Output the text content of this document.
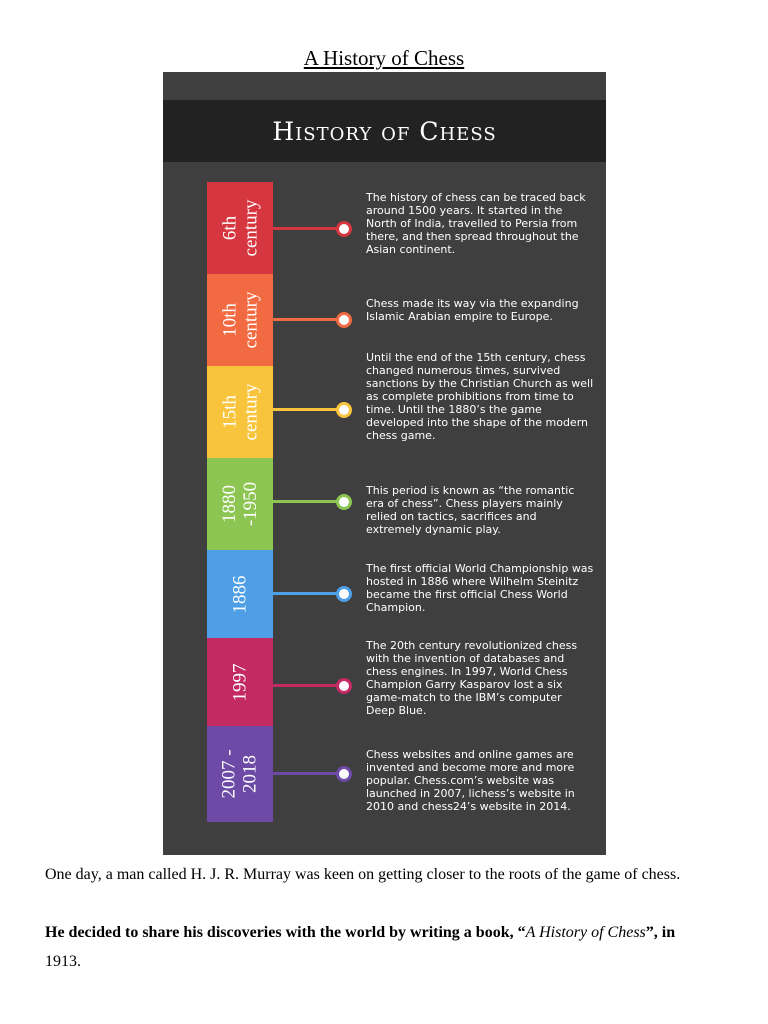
A History of Chess
History of Chess
6th
century
The history of chess can be traced back around 1500 years. It started in the North of India, travelled to Persia from there, and then spread throughout the Asian continent.
10th
century	Chess made its way via the expanding Islamic Arabian empire to Europe.
15th
century
Until the end of the 15th century, chess changed numerous times, survived sanctions by the Christian Church as well as complete prohibitions from time to time. Until the 1880’s the game developed into the shape of the modern chess game.
1880
-1950	This period is known as “the romantic era of chess”. Chess players mainly relied on tactics, sacrifices and extremely dynamic play.
1886
The first official World Championship was hosted in 1886 where Wilhelm Steinitz became the first official Chess World Champion.
1997
The 20th century revolutionized chess with the invention of databases and chess engines. In 1997, World Chess Champion Garry Kasparov lost a six game-match to the IBM’s computer Deep Blue.
2007 -
2018
Chess websites and online games are invented and become more and more popular. Chess.com’s website was launched in 2007, lichess’s website in 2010 and chess24’s website in 2014.
One day, a man called H. J. R. Murray was keen on getting closer to the roots of the game of chess.
He decided to share his discoveries with the world by writing a book, “A History of Chess”, in
1913.
